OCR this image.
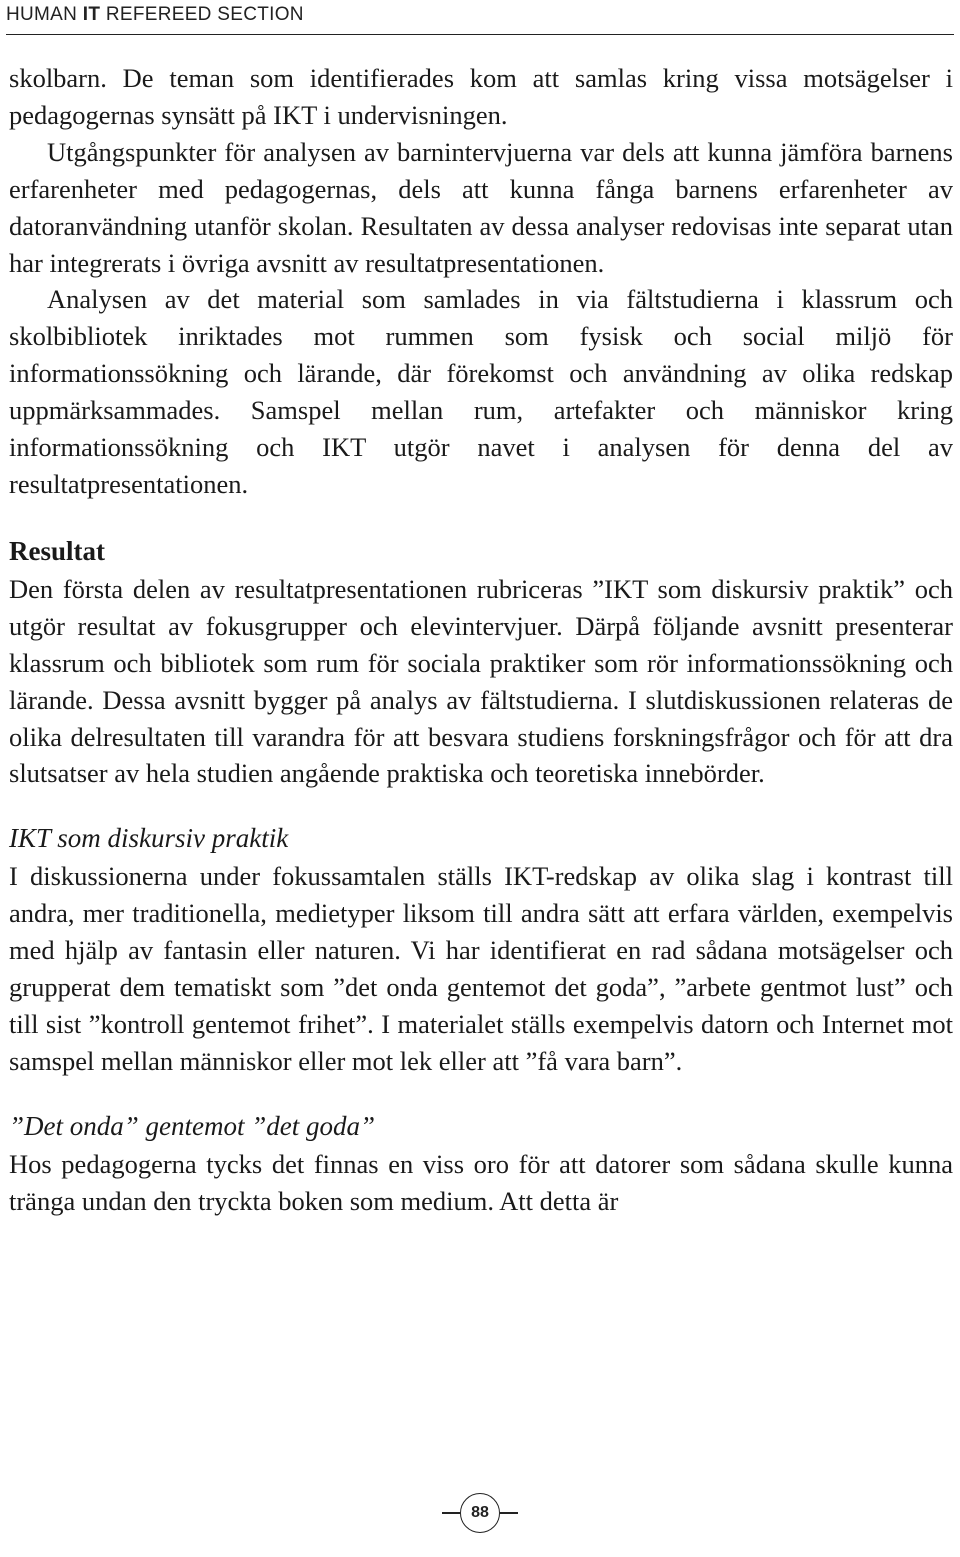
HUMAN IT REFEREED SECTION

skolbarn. De teman som identifierades kom att samlas kring vissa motsägelser i pedagogernas synsätt på IKT i undervisningen.

Utgångspunkter för analysen av barnintervjuerna var dels att kunna jämföra barnens erfarenheter med pedagogernas, dels att kunna fånga barnens erfarenheter av datoranvändning utanför skolan. Resultaten av dessa analyser redovisas inte separat utan har integrerats i övriga avsnitt av resultatpresentationen.

Analysen av det material som samlades in via fältstudierna i klassrum och skolbibliotek inriktades mot rummen som fysisk och social miljö för informationssökning och lärande, där förekomst och användning av olika redskap uppmärksammades. Samspel mellan rum, artefakter och människor kring informationssökning och IKT utgör navet i analysen för denna del av resultatpresentationen.

Resultat

Den första delen av resultatpresentationen rubriceras ”IKT som diskursiv praktik” och utgör resultat av fokusgrupper och elevintervjuer. Därpå följande avsnitt presenterar klassrum och bibliotek som rum för sociala praktiker som rör informationssökning och lärande. Dessa avsnitt bygger på analys av fältstudierna. I slutdiskussionen relateras de olika delresultaten till varandra för att besvara studiens forskningsfrågor och för att dra slutsatser av hela studien angående praktiska och teoretiska innebörder.

IKT som diskursiv praktik

I diskussionerna under fokussamtalen ställs IKT-redskap av olika slag i kontrast till andra, mer traditionella, medietyper liksom till andra sätt att erfara världen, exempelvis med hjälp av fantasin eller naturen. Vi har identifierat en rad sådana motsägelser och grupperat dem tematiskt som ”det onda gentemot det goda”, ”arbete gentmot lust” och till sist ”kontroll gentemot frihet”. I materialet ställs exempelvis datorn och Internet mot samspel mellan människor eller mot lek eller att ”få vara barn”.

”Det onda” gentemot ”det goda”

Hos pedagogerna tycks det finnas en viss oro för att datorer som sådana skulle kunna tränga undan den tryckta boken som medium. Att detta är

88
